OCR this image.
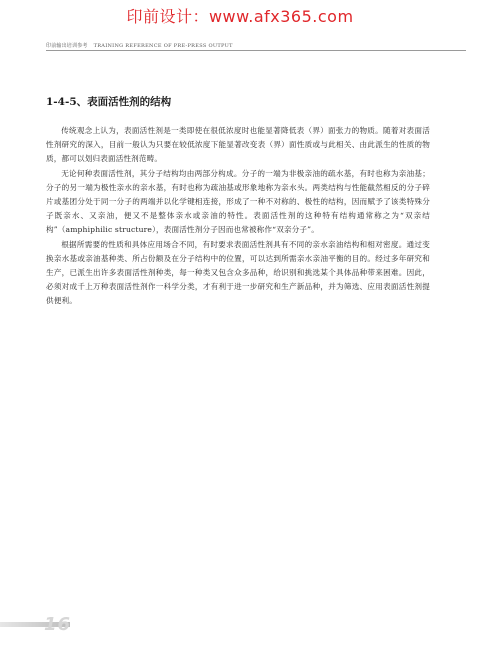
印前设计：www.afx365.com
印前输出培训参考 TRAINING REFERENCE OF PRE-PRESS OUTPUT
1-4-5、表面活性剂的结构

传统观念上认为，表面活性剂是一类即使在很低浓度时也能显著降低表（界）面张力的物质。随着对表面活性剂研究的深入，目前一般认为只要在较低浓度下能显著改变表（界）面性质或与此相关、由此派生的性质的物质，都可以划归表面活性剂范畴。

无论何种表面活性剂，其分子结构均由两部分构成。分子的一端为非极亲油的疏水基，有时也称为亲油基；分子的另一端为极性亲水的亲水基，有时也称为疏油基或形象地称为亲水头。两类结构与性能截然相反的分子碎片或基团分处于同一分子的两端并以化学键相连接，形成了一种不对称的、极性的结构，因而赋予了该类特殊分子既亲水、又亲油，便又不是整体亲水或亲油的特性。表面活性剂的这种特有结构通常称之为“双亲结构”（amphiphilic structure），表面活性剂分子因而也常被称作“双亲分子”。

根据所需要的性质和具体应用场合不同，有时要求表面活性剂具有不同的亲水亲油结构和相对密度。通过变换亲水基或亲油基种类、所占份额及在分子结构中的位置，可以达到所需亲水亲油平衡的目的。经过多年研究和生产，已派生出许多表面活性剂种类，每一种类又包含众多品种，给识别和挑选某个具体品种带来困难。因此，必须对成千上万种表面活性剂作一科学分类，才有利于进一步研究和生产新品种，并为筛选、应用表面活性剂提供便利。

16
